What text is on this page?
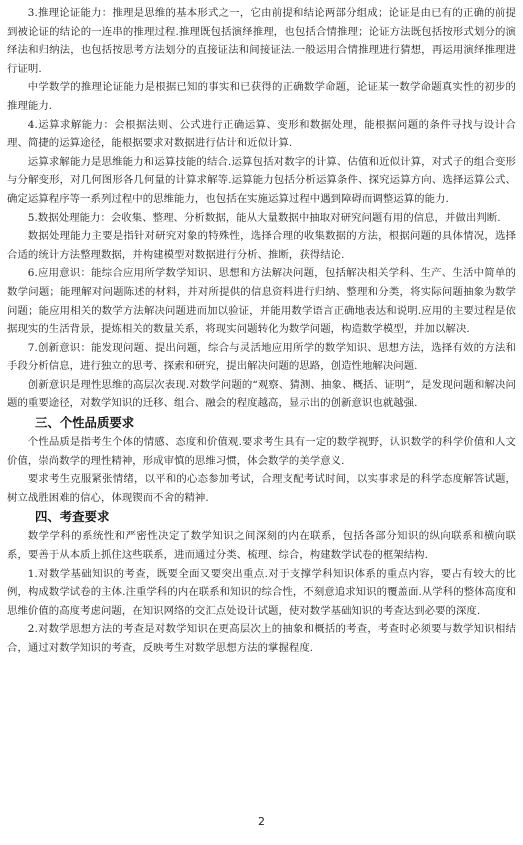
3.推理论证能力：推理是思维的基本形式之一，它由前提和结论两部分组成；论证是由已有的正确的前提到被论证的结论的一连串的推理过程.推理既包括演绎推理，也包括合情推理；论证方法既包括按形式划分的演绎法和归纳法，也包括按思考方法划分的直接证法和间接证法.一般运用合情推理进行猜想，再运用演绎推理进行证明.

中学数学的推理论证能力是根据已知的事实和已获得的正确数学命题，论证某一数学命题真实性的初步的推理能力.

4.运算求解能力：会根据法则、公式进行正确运算、变形和数据处理，能根据问题的条件寻找与设计合理、简捷的运算途径，能根据要求对数据进行估计和近似计算.

运算求解能力是思维能力和运算技能的结合.运算包括对数字的计算、估值和近似计算，对式子的组合变形与分解变形，对几何图形各几何量的计算求解等.运算能力包括分析运算条件、探究运算方向、选择运算公式、确定运算程序等一系列过程中的思维能力，也包括在实施运算过程中遇到障碍而调整运算的能力.

5.数据处理能力：会收集、整理、分析数据，能从大量数据中抽取对研究问题有用的信息，并做出判断.

数据处理能力主要是指针对研究对象的特殊性，选择合理的收集数据的方法，根据问题的具体情况，选择合适的统计方法整理数据，并构建模型对数据进行分析、推断，获得结论.

6.应用意识：能综合应用所学数学知识、思想和方法解决问题，包括解决相关学科、生产、生活中简单的数学问题；能理解对问题陈述的材料，并对所提供的信息资料进行归纳、整理和分类，将实际问题抽象为数学问题；能应用相关的数学方法解决问题进而加以验证，并能用数学语言正确地表达和说明.应用的主要过程是依据现实的生活背景，提炼相关的数量关系，将现实问题转化为数学问题，构造数学模型，并加以解决.

7.创新意识：能发现问题、提出问题，综合与灵活地应用所学的数学知识、思想方法，选择有效的方法和手段分析信息，进行独立的思考、探索和研究，提出解决问题的思路，创造性地解决问题.

创新意识是理性思维的高层次表现.对数学问题的“观察、猜测、抽象、概括、证明”，是发现问题和解决问题的重要途径，对数学知识的迁移、组合、融会的程度越高，显示出的创新意识也就越强.

三、个性品质要求

个性品质是指考生个体的情感、态度和价值观.要求考生具有一定的数学视野，认识数学的科学价值和人文价值，崇尚数学的理性精神，形成审慎的思维习惯，体会数学的美学意义.

要求考生克服紧张情绪，以平和的心态参加考试，合理支配考试时间，以实事求是的科学态度解答试题，树立战胜困难的信心，体现锲而不舍的精神.

四、考查要求

数学学科的系统性和严密性决定了数学知识之间深刻的内在联系，包括各部分知识的纵向联系和横向联系，要善于从本质上抓住这些联系，进而通过分类、梳理、综合，构建数学试卷的框架结构.

1.对数学基础知识的考查，既要全面又要突出重点.对于支撑学科知识体系的重点内容，要占有较大的比例，构成数学试卷的主体.注重学科的内在联系和知识的综合性，不刻意追求知识的覆盖面.从学科的整体高度和思维价值的高度考虑问题，在知识网络的交汇点处设计试题，使对数学基础知识的考查达到必要的深度.

2.对数学思想方法的考查是对数学知识在更高层次上的抽象和概括的考查，考查时必须要与数学知识相结合，通过对数学知识的考查，反映考生对数学思想方法的掌握程度.

2
